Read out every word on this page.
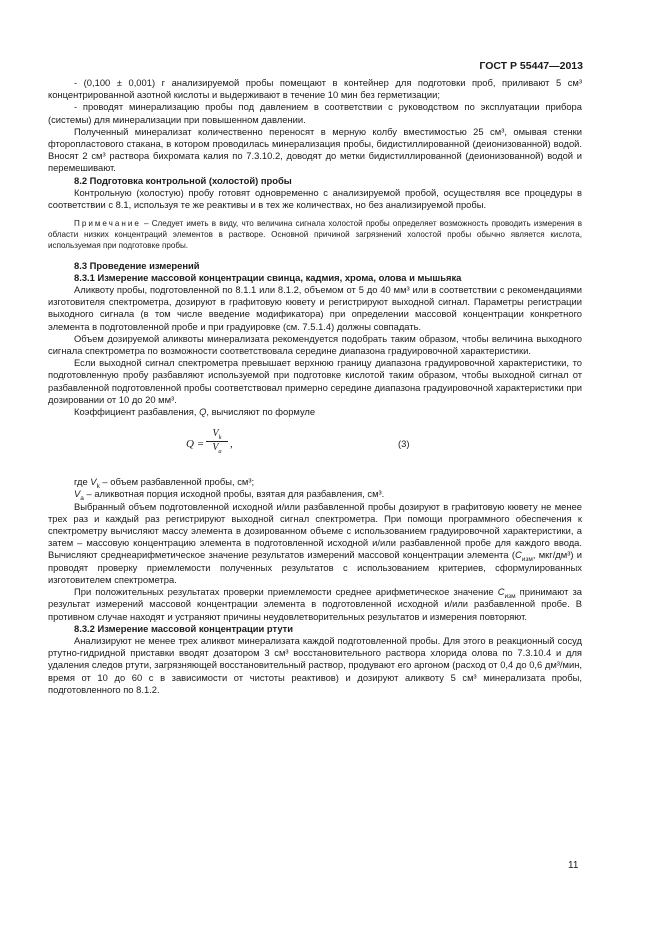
ГОСТ Р 55447—2013

- (0,100 ± 0,001) г анализируемой пробы помещают в контейнер для подготовки проб, приливают 5 см³ концентрированной азотной кислоты и выдерживают в течение 10 мин без герметизации;

- проводят минерализацию пробы под давлением в соответствии с руководством по эксплуатации прибора (системы) для минерализации при повышенном давлении.

Полученный минерализат количественно переносят в мерную колбу вместимостью 25 см³, омывая стенки фторопластового стакана, в котором проводилась минерализация пробы, бидистиллированной (деионизованной) водой. Вносят 2 см³ раствора бихромата калия по 7.3.10.2, доводят до метки бидистиллированной (деионизованной) водой и перемешивают.

8.2 Подготовка контрольной (холостой) пробы

Контрольную (холостую) пробу готовят одновременно с анализируемой пробой, осуществляя все процедуры в соответствии с 8.1, используя те же реактивы и в тех же количествах, но без анализируемой пробы.

Примечание – Следует иметь в виду, что величина сигнала холостой пробы определяет возможность проводить измерения в области низких концентраций элементов в растворе. Основной причиной загрязнений холостой пробы обычно является кислота, используемая при подготовке пробы.

8.3 Проведение измерений

8.3.1 Измерение массовой концентрации свинца, кадмия, хрома, олова и мышьяка

Аликвоту пробы, подготовленной по 8.1.1 или 8.1.2, объемом от 5 до 40 мм³ или в соответствии с рекомендациями изготовителя спектрометра, дозируют в графитовую кювету и регистрируют выходной сигнал. Параметры регистрации выходного сигнала (в том числе введение модификатора) при определении массовой концентрации конкретного элемента в подготовленной пробе и при градуировке (см. 7.5.1.4) должны совпадать.

Объем дозируемой аликвоты минерализата рекомендуется подобрать таким образом, чтобы величина выходного сигнала спектрометра по возможности соответствовала середине диапазона градуировочной характеристики.

Если выходной сигнал спектрометра превышает верхнюю границу диапазона градуировочной характеристики, то подготовленную пробу разбавляют используемой при подготовке кислотой таким образом, чтобы выходной сигнал от разбавленной подготовленной пробы соответствовал примерно середине диапазона градуировочной характеристики при дозировании от 10 до 20 мм³.

Коэффициент разбавления, Q, вычисляют по формуле

$Q = \frac{V_k}{V_a}$ ,	(3)

где $V_k$ – объем разбавленной пробы, см³;

$V_a$ – аликвотная порция исходной пробы, взятая для разбавления, см³.

Выбранный объем подготовленной исходной и/или разбавленной пробы дозируют в графитовую кювету не менее трех раз и каждый раз регистрируют выходной сигнал спектрометра. При помощи программного обеспечения к спектрометру вычисляют массу элемента в дозированном объеме с использованием градуировочной характеристики, а затем – массовую концентрацию элемента в подготовленной исходной и/или разбавленной пробе для каждого ввода. Вычисляют среднеарифметическое значение результатов измерений массовой концентрации элемента ($C_{изм}$, мкг/дм³) и проводят проверку приемлемости полученных результатов с использованием критериев, сформулированных изготовителем спектрометра.

При положительных результатах проверки приемлемости среднее арифметическое значение $C_{изм}$ принимают за результат измерений массовой концентрации элемента в подготовленной исходной и/или разбавленной пробе. В противном случае находят и устраняют причины неудовлетворительных результатов и измерения повторяют.

8.3.2 Измерение массовой концентрации ртути

Анализируют не менее трех аликвот минерализата каждой подготовленной пробы. Для этого в реакционный сосуд ртутно-гидридной приставки вводят дозатором 3 см³ восстановительного раствора хлорида олова по 7.3.10.4 и для удаления следов ртути, загрязняющей восстановительный раствор, продувают его аргоном (расход от 0,4 до 0,6 дм³/мин, время от 10 до 60 с в зависимости от чистоты реактивов) и дозируют аликвоту 5 см³ минерализата пробы, подготовленного по 8.1.2.

11
